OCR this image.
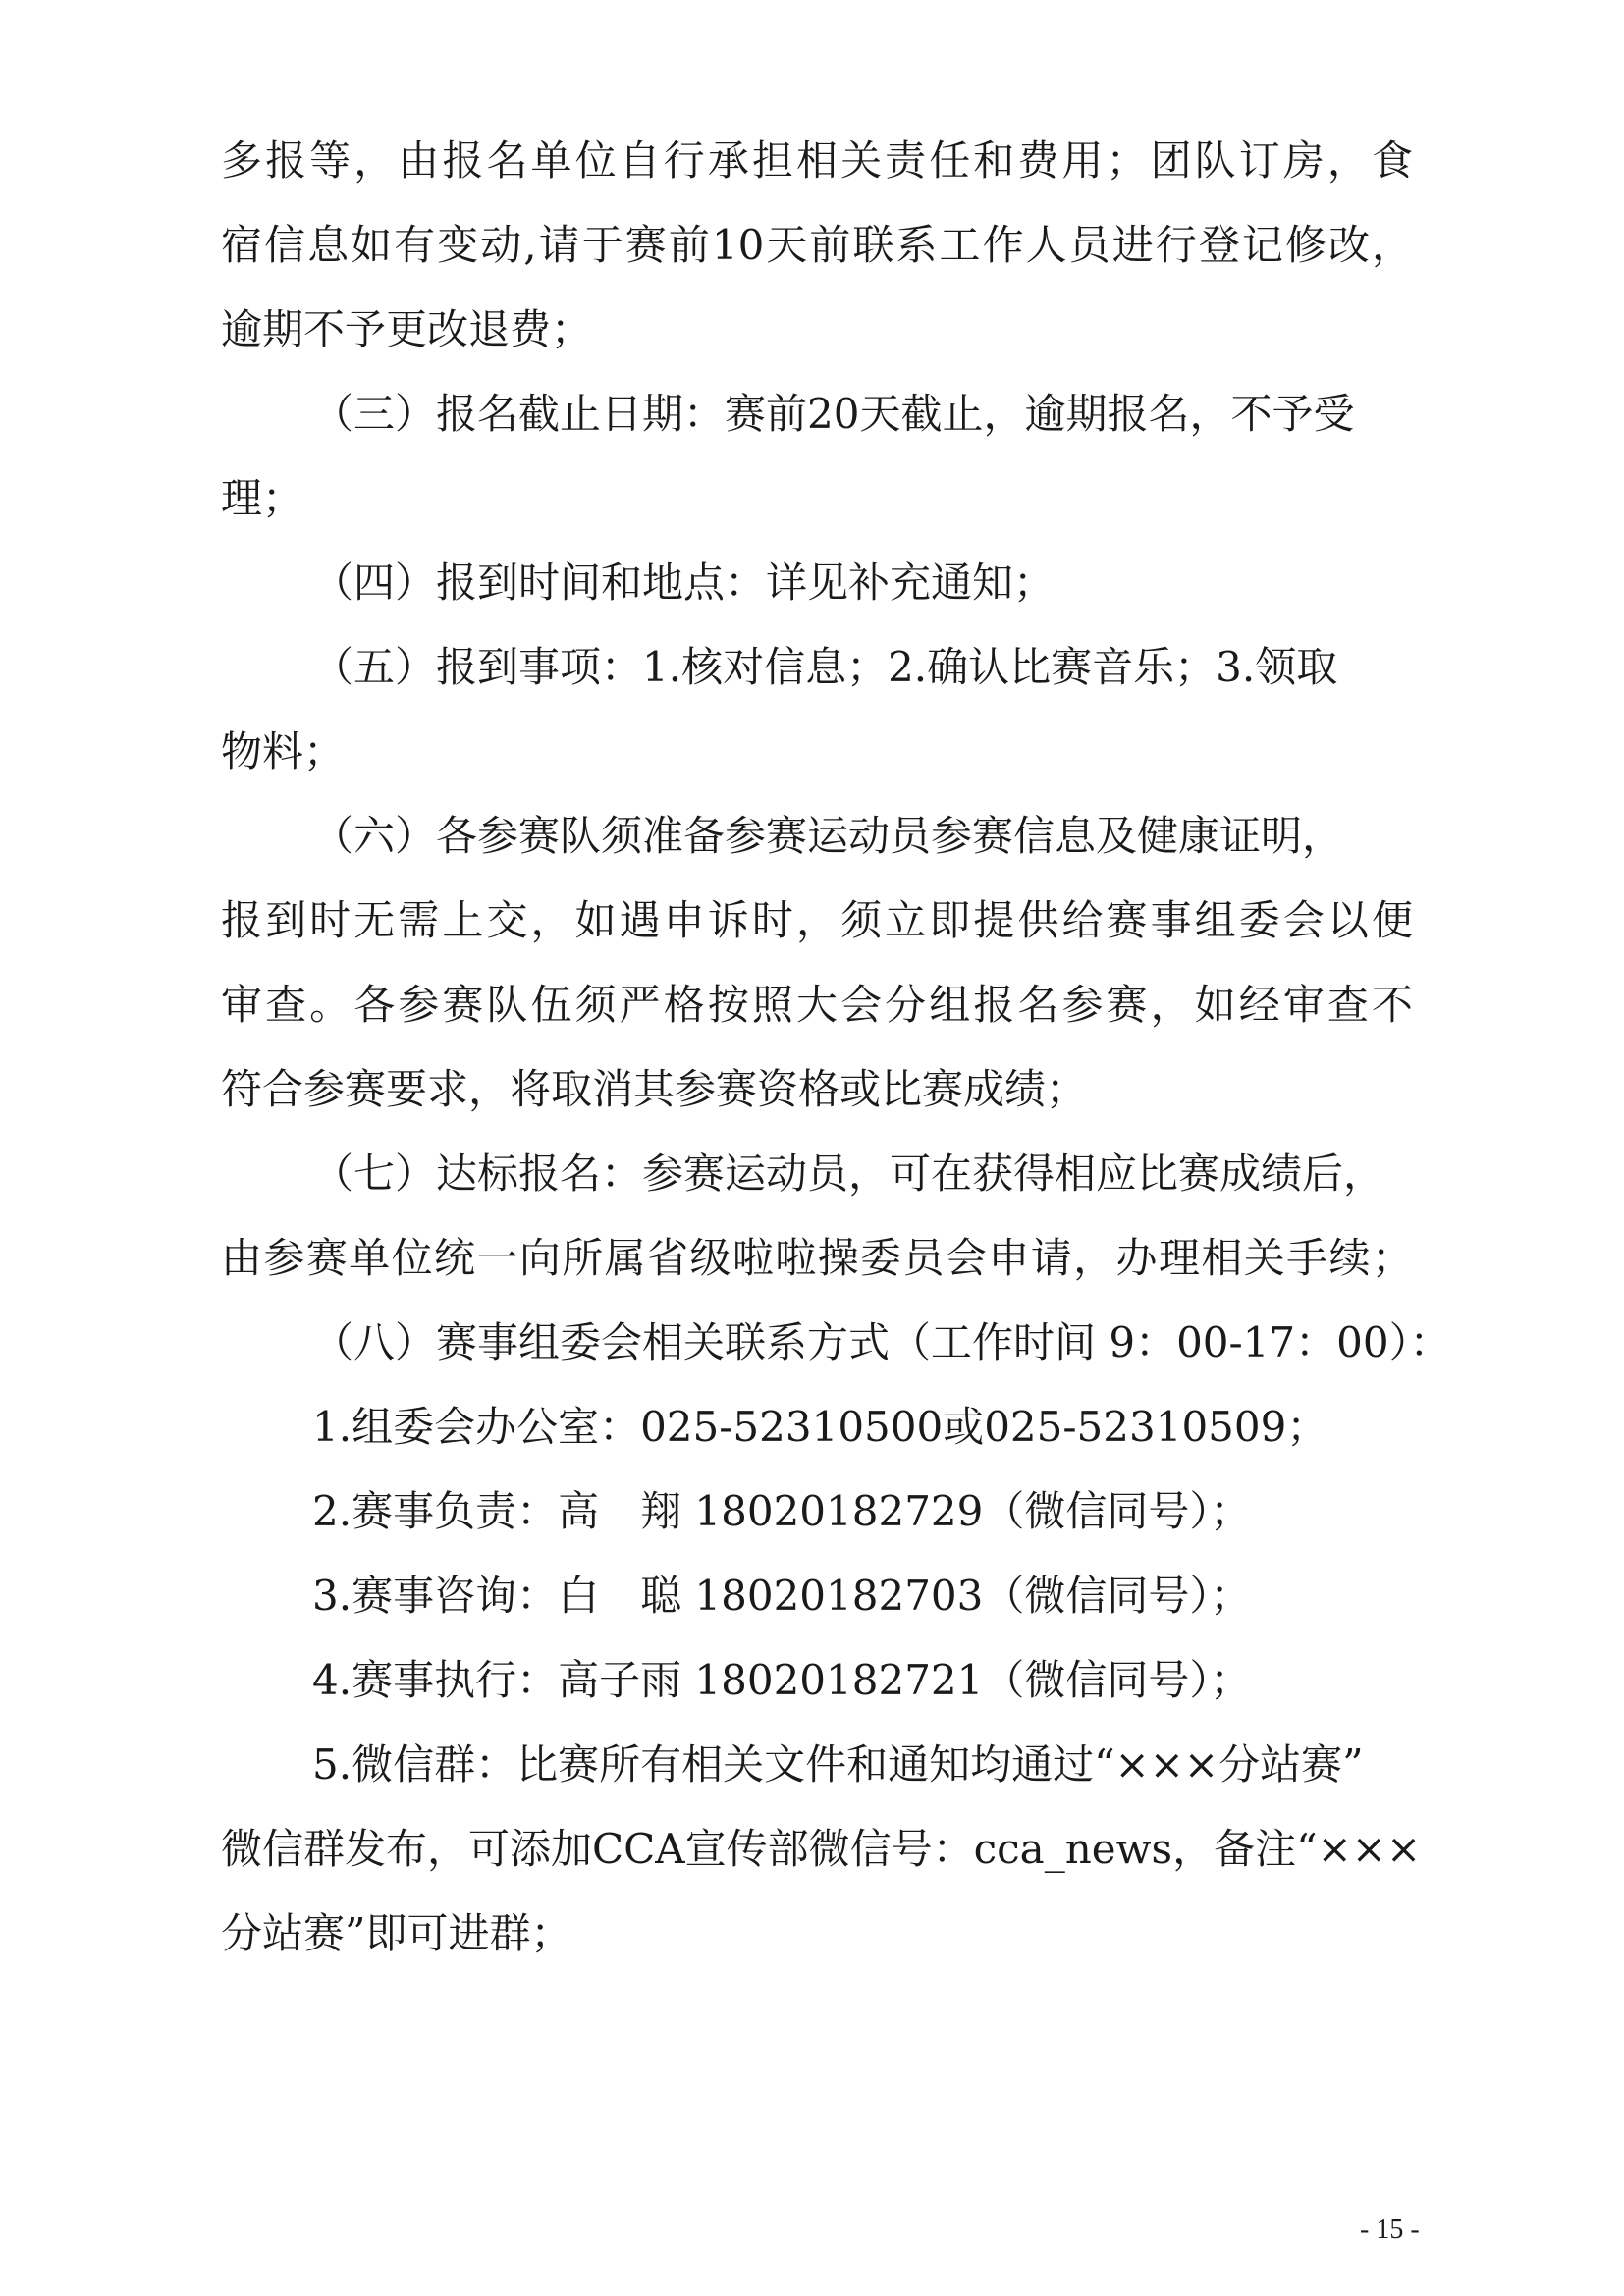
多报等，由报名单位自行承担相关责任和费用；团队订房，食

宿信息如有变动,请于赛前10天前联系工作人员进行登记修改，

逾期不予更改退费；

（三）报名截止日期：赛前20天截止，逾期报名，不予受

理；

（四）报到时间和地点：详见补充通知；

（五）报到事项：1.核对信息；2.确认比赛音乐；3.领取

物料；

（六）各参赛队须准备参赛运动员参赛信息及健康证明，

报到时无需上交，如遇申诉时，须立即提供给赛事组委会以便

审查。各参赛队伍须严格按照大会分组报名参赛，如经审查不

符合参赛要求，将取消其参赛资格或比赛成绩；

（七）达标报名：参赛运动员，可在获得相应比赛成绩后，

由参赛单位统一向所属省级啦啦操委员会申请，办理相关手续；

（八）赛事组委会相关联系方式（工作时间 9：00-17：00）：

1.组委会办公室：025-52310500或025-52310509；

2.赛事负责：高　翔 18020182729（微信同号）；

3.赛事咨询：白　聪 18020182703（微信同号）；

4.赛事执行：高子雨 18020182721（微信同号）；

5.微信群：比赛所有相关文件和通知均通过“×××分站赛”

微信群发布，可添加CCA宣传部微信号：cca_news，备注“×××

分站赛”即可进群；

- 15 -
